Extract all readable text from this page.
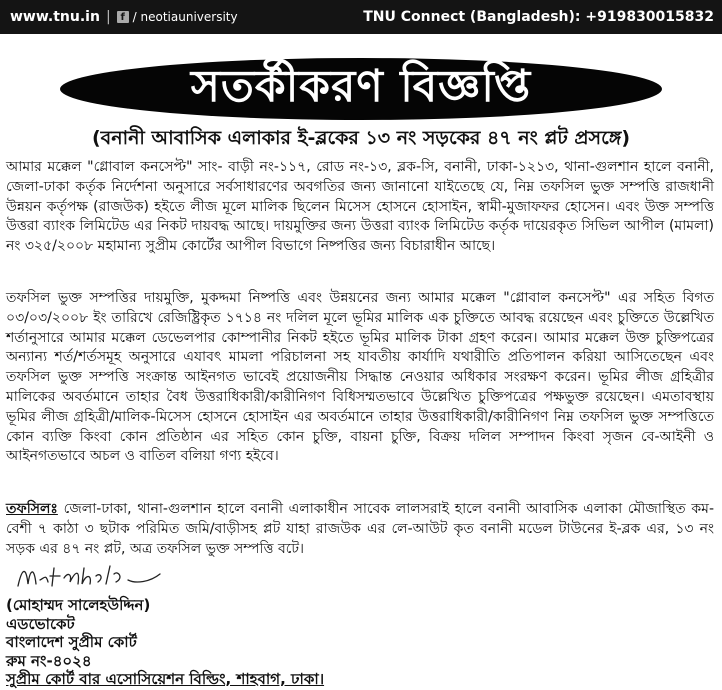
www.tnu.in | f / neotiauniversity	TNU Connect (Bangladesh): +919830015832
সতর্কীকরণ বিজ্ঞপ্তি
(বনানী আবাসিক এলাকার ই-ব্লকের ১৩ নং সড়কের ৪৭ নং প্লট প্রসঙ্গে)

আমার মক্কেল "গ্লোবাল কনসেপ্ট" সাং- বাড়ী নং-১১৭, রোড নং-১৩, ব্লক-সি, বনানী, ঢাকা-১২১৩, থানা-গুলশান হালে বনানী, জেলা-ঢাকা কর্তৃক নির্দেশনা অনুসারে সর্বসাধারণের অবগতির জন্য জানানো যাইতেছে যে, নিম্ন তফসিল ভুক্ত সম্পত্তি রাজধানী উন্নয়ন কর্তৃপক্ষ (রাজউক) হইতে লীজ মূলে মালিক ছিলেন মিসেস হোসনে হোসাইন, স্বামী-মুজাফফর হোসেন। এবং উক্ত সম্পত্তি উত্তরা ব্যাংক লিমিটেড এর নিকট দায়বদ্ধ আছে। দায়মুক্তির জন্য উত্তরা ব্যাংক লিমিটেড কর্তৃক দায়েরকৃত সিভিল আপীল (মামলা) নং ৩২৫/২০০৮ মহামান্য সুপ্রীম কোর্টের আপীল বিভাগে নিষ্পত্তির জন্য বিচারাধীন আছে।

তফসিল ভুক্ত সম্পত্তির দায়মুক্তি, মুকদ্দমা নিষ্পত্তি এবং উন্নয়নের জন্য আমার মক্কেল "গ্লোবাল কনসেপ্ট" এর সহিত বিগত ০৩/০৩/২০০৮ ইং তারিখে রেজিষ্ট্রিকৃত ১৭১৪ নং দলিল মূলে ভূমির মালিক এক চুক্তিতে আবদ্ধ রয়েছেন এবং চুক্তিতে উল্লেখিত শর্তানুসারে আমার মক্কেল ডেভেলপার কোম্পানীর নিকট হইতে ভূমির মালিক টাকা গ্রহণ করেন। আমার মক্কেল উক্ত চুক্তিপত্রের অন্যান্য শর্ত/শর্তসমূহ অনুসারে এযাবৎ মামলা পরিচালনা সহ যাবতীয় কার্যাদি যথারীতি প্রতিপালন করিয়া আসিতেছেন এবং তফসিল ভুক্ত সম্পত্তি সংক্রান্ত আইনগত ভাবেই প্রয়োজনীয় সিদ্ধান্ত নেওয়ার অধিকার সংরক্ষণ করেন। ভূমির লীজ গ্রহিত্রীর মালিকের অবর্তমানে তাহার বৈধ উত্তরাধিকারী/কারীনিগণ বিধিসম্মতভাবে উল্লেখিত চুক্তিপত্রের পক্ষভুক্ত রয়েছেন। এমতাবস্থায় ভূমির লীজ গ্রহিত্রী/মালিক-মিসেস হোসনে হোসাইন এর অবর্তমানে তাহার উত্তরাধিকারী/কারীনিগণ নিম্ন তফসিল ভুক্ত সম্পত্তিতে কোন ব্যক্তি কিংবা কোন প্রতিষ্ঠান এর সহিত কোন চুক্তি, বায়না চুক্তি, বিক্রয় দলিল সম্পাদন কিংবা সৃজন বে-আইনী ও আইনগতভাবে অচল ও বাতিল বলিয়া গণ্য হইবে।

তফসিলঃ জেলা-ঢাকা, থানা-গুলশান হালে বনানী এলাকাধীন সাবেক লালসরাই হালে বনানী আবাসিক এলাকা মৌজাস্থিত কম-বেশী ৭ কাঠা ৩ ছটাক পরিমিত জমি/বাড়ীসহ প্লট যাহা রাজউক এর লে-আউট কৃত বনানী মডেল টাউনের ই-ব্লক এর, ১৩ নং সড়ক এর ৪৭ নং প্লট, অত্র তফসিল ভুক্ত সম্পত্তি বটে।

(মোহাম্মদ সালেহউদ্দিন)
এডভোকেট
বাংলাদেশ সুপ্রীম কোর্ট
রুম নং-৪০২৪
সুপ্রীম কোর্ট বার এসোসিয়েশন বিল্ডিং, শাহবাগ, ঢাকা।
